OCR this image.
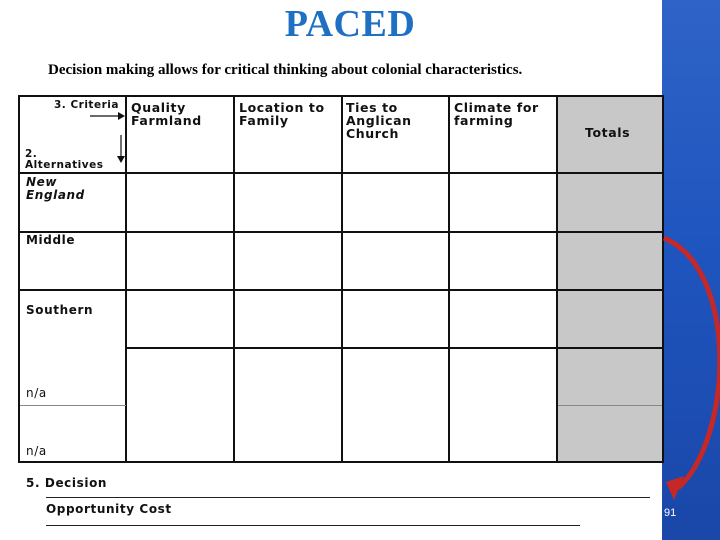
PACED
Decision making allows for critical thinking about colonial characteristics.
3. Criteria
2.
Alternatives
Quality
Farmland
Location to
Family
Ties to
Anglican
Church
Climate for
farming
Totals
New
England
Middle
Southern
n/a
n/a
5. Decision
Opportunity Cost	91
